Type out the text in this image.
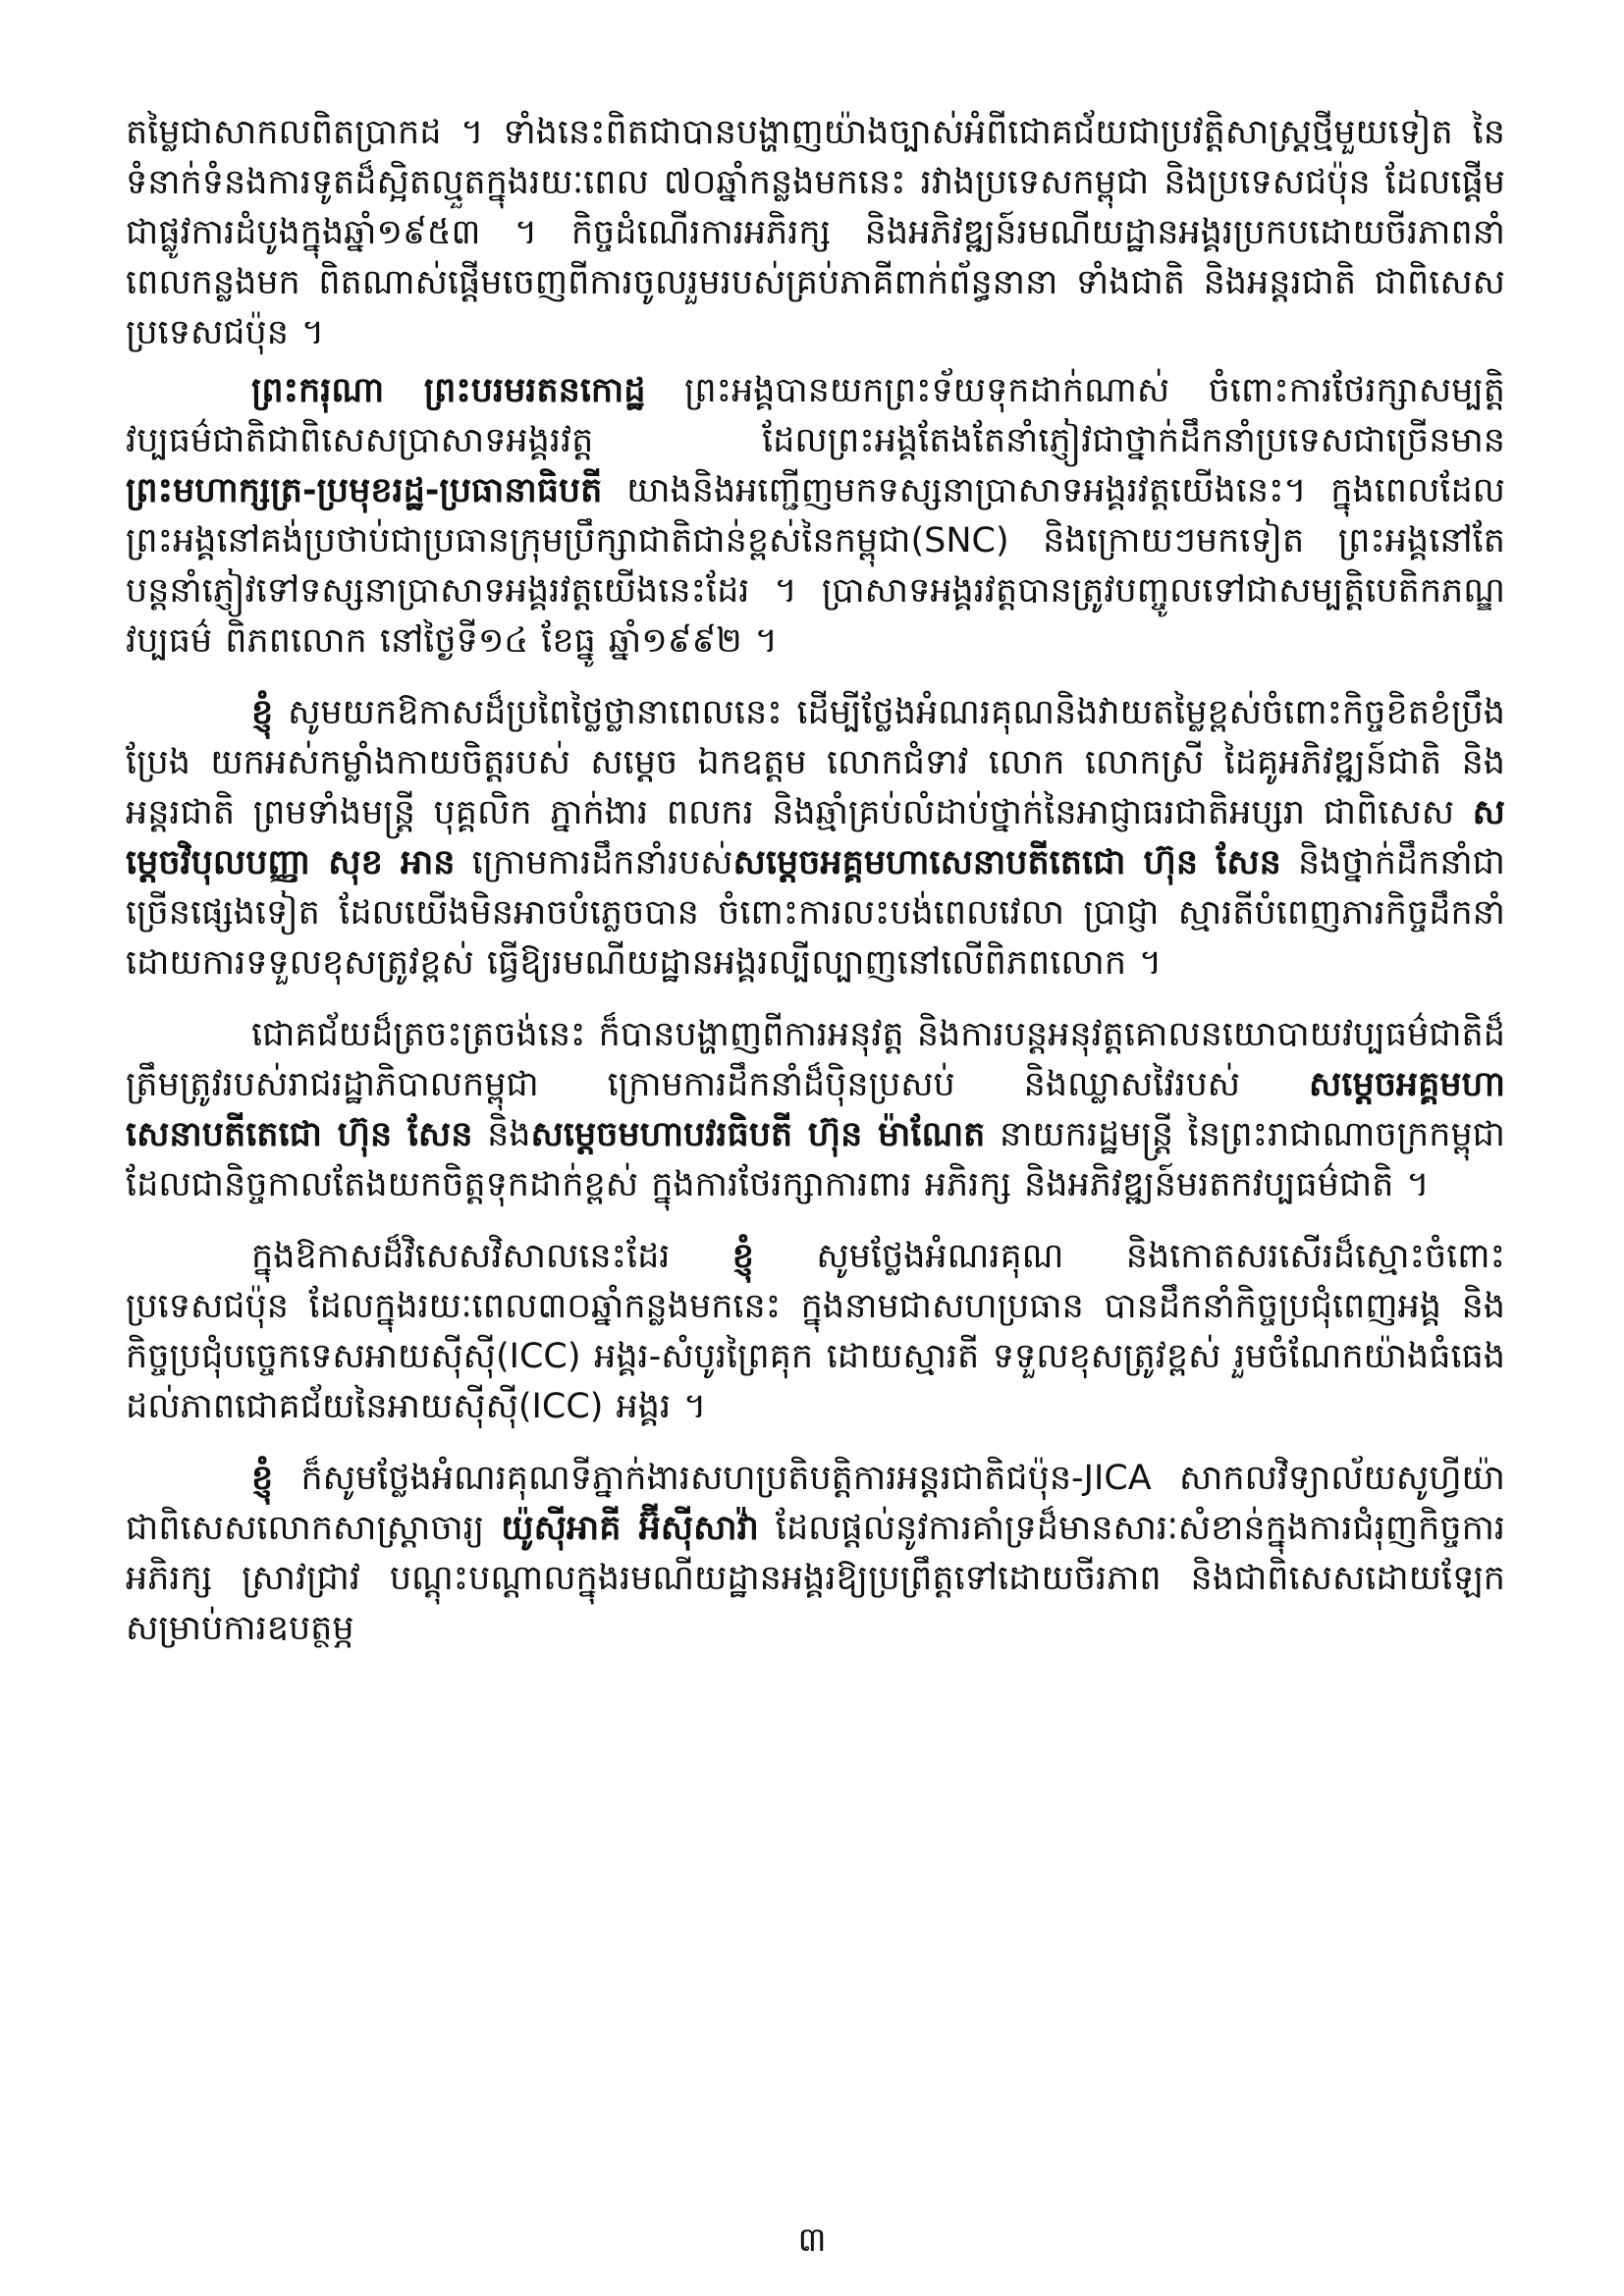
តម្លៃជាសាកលពិតប្រាកដ ។ ទាំងនេះពិតជាបានបង្ហាញយ៉ាងច្បាស់អំពីជោគជ័យជាប្រវត្តិសាស្ត្រថ្មីមួយទៀត នៃទំនាក់ទំនងការទូតដ៏ស្អិតល្មួតក្នុងរយៈពេល ៧០ឆ្នាំកន្លងមកនេះ រវាងប្រទេសកម្ពុជា និងប្រទេសជប៉ុន ដែលផ្តើមជាផ្លូវការដំបូងក្នុងឆ្នាំ១៩៥៣ ។ កិច្ចដំណើរការអភិរក្ស និងអភិវឌ្ឍន៍រមណីយដ្ឋានអង្គរប្រកបដោយចីរភាពនាំពេលកន្លងមក ពិតណាស់ផ្តើមចេញពីការចូលរួមរបស់គ្រប់ភាគីពាក់ព័ន្ធនានា ទាំងជាតិ និងអន្តរជាតិ ជាពិសេសប្រទេសជប៉ុន ។

ព្រះករុណា ព្រះបរមរតនកោដ្ឋ ព្រះអង្គបានយកព្រះទ័យទុកដាក់ណាស់ ចំពោះការថែរក្សាសម្បត្តិវប្បធម៌ជាតិជាពិសេសប្រាសាទអង្គរវត្ត ដែលព្រះអង្គតែងតែនាំភ្ញៀវជាថ្នាក់ដឹកនាំប្រទេសជាច្រើនមាន ព្រះមហាក្សត្រ-ប្រមុខរដ្ឋ-ប្រធានាធិបតី យាងនិងអញ្ជើញមកទស្សនាប្រាសាទអង្គរវត្តយើងនេះ។ ក្នុងពេលដែលព្រះអង្គនៅគង់ប្រថាប់ជាប្រធានក្រុមប្រឹក្សាជាតិជាន់ខ្ពស់នៃកម្ពុជា(SNC) និងក្រោយៗមកទៀត ព្រះអង្គនៅតែបន្តនាំភ្ញៀវទៅទស្សនាប្រាសាទអង្គរវត្តយើងនេះដែរ ។ ប្រាសាទអង្គរវត្តបានត្រូវបញ្ចូលទៅជាសម្បត្តិបេតិកភណ្ឌវប្បធម៌ ពិភពលោក នៅថ្ងៃទី១៤ ខែធ្នូ ឆ្នាំ១៩៩២ ។

ខ្ញុំ សូមយកឱកាសដ៏ប្រពៃថ្លៃថ្លានាពេលនេះ ដើម្បីថ្លែងអំណរគុណនិងវាយតម្លៃខ្ពស់ចំពោះកិច្ចខិតខំប្រឹងប្រែង យកអស់កម្លាំងកាយចិត្តរបស់ សម្តេច ឯកឧត្តម លោកជំទាវ លោក លោកស្រី ដៃគូអភិវឌ្ឍន៍ជាតិ និងអន្តរជាតិ ព្រមទាំងមន្ត្រី បុគ្គលិក ភ្នាក់ងារ ពលករ និងឆ្មាំគ្រប់លំដាប់ថ្នាក់នៃអាជ្ញាធរជាតិអប្សរា ជាពិសេស សម្តេចវិបុលបញ្ញា សុខ អាន ក្រោមការដឹកនាំរបស់សម្តេចអគ្គមហាសេនាបតីតេជោ ហ៊ុន សែន និងថ្នាក់ដឹកនាំជាច្រើនផ្សេងទៀត ដែលយើងមិនអាចបំភ្លេចបាន ចំពោះការលះបង់ពេលវេលា ប្រាជ្ញា ស្មារតីបំពេញភារកិច្ចដឹកនាំដោយការទទួលខុសត្រូវខ្ពស់ ធ្វើឱ្យរមណីយដ្ឋានអង្គរល្បីល្បាញនៅលើពិភពលោក ។

ជោគជ័យដ៏ត្រចះត្រចង់នេះ ក៏បានបង្ហាញពីការអនុវត្ត និងការបន្តអនុវត្តគោលនយោបាយវប្បធម៌ជាតិដ៏ត្រឹមត្រូវរបស់រាជរដ្ឋាភិបាលកម្ពុជា ក្រោមការដឹកនាំដ៏ប៉ិនប្រសប់ និងឈ្លាសវៃរបស់ សម្តេចអគ្គមហាសេនាបតីតេជោ ហ៊ុន សែន និងសម្តេចមហាបវរធិបតី ហ៊ុន ម៉ាណែត នាយករដ្ឋមន្ត្រី នៃព្រះរាជាណាចក្រកម្ពុជា ដែលជានិច្ចកាលតែងយកចិត្តទុកដាក់ខ្ពស់ ក្នុងការថែរក្សាការពារ អភិរក្ស និងអភិវឌ្ឍន៍មរតកវប្បធម៌ជាតិ ។

ក្នុងឱកាសដ៏វិសេសវិសាលនេះដែរ ខ្ញុំ សូមថ្លែងអំណរគុណ និងកោតសរសើរដ៏ស្មោះចំពោះប្រទេសជប៉ុន ដែលក្នុងរយៈពេល៣០ឆ្នាំកន្លងមកនេះ ក្នុងនាមជាសហប្រធាន បានដឹកនាំកិច្ចប្រជុំពេញអង្គ និងកិច្ចប្រជុំបច្ចេកទេសអាយស៊ីស៊ី(ICC) អង្គរ-សំបូរព្រៃគុក ដោយស្មារតី ទទួលខុសត្រូវខ្ពស់ រួមចំណែកយ៉ាងធំធេងដល់ភាពជោគជ័យនៃអាយស៊ីស៊ី(ICC) អង្គរ ។

ខ្ញុំ ក៏សូមថ្លែងអំណរគុណទីភ្នាក់ងារសហប្រតិបត្តិការអន្តរជាតិជប៉ុន-JICA សាកលវិទ្យាល័យសូហ្វីយ៉ា ជាពិសេសលោកសាស្ត្រាចារ្យ យ៉ូស៊ីអាគី អ៊ីស៊ីសាវ៉ា ដែលផ្តល់នូវការគាំទ្រដ៏មានសារៈសំខាន់ក្នុងការជំរុញកិច្ចការអភិរក្ស ស្រាវជ្រាវ បណ្តុះបណ្តាលក្នុងរមណីយដ្ឋានអង្គរឱ្យប្រព្រឹត្តទៅដោយចីរភាព និងជាពិសេសដោយឡែកសម្រាប់ការឧបត្ថម្ភ

៣
